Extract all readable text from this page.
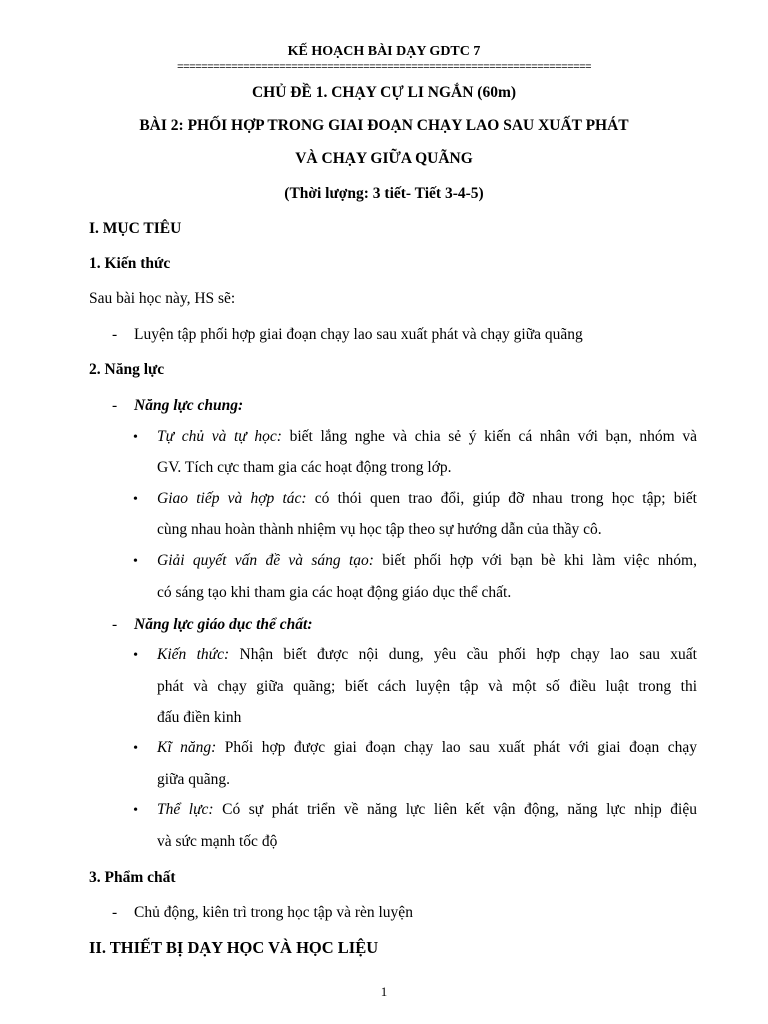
KẾ HOẠCH BÀI DẠY GDTC 7
=====================================================================
CHỦ ĐỀ 1. CHẠY CỰ LI NGẮN (60m)
BÀI 2: PHỐI HỢP TRONG GIAI ĐOẠN CHẠY LAO SAU XUẤT PHÁT
VÀ CHẠY GIỮA QUÃNG
(Thời lượng: 3 tiết- Tiết 3-4-5)
I. MỤC TIÊU
1. Kiến thức
Sau bài học này, HS sẽ:
- Luyện tập phối hợp giai đoạn chạy lao sau xuất phát và chạy giữa quãng
2. Năng lực
- Năng lực chung:
• Tự chủ và tự học: biết lắng nghe và chia sẻ ý kiến cá nhân với bạn, nhóm và
GV. Tích cực tham gia các hoạt động trong lớp.
• Giao tiếp và hợp tác: có thói quen trao đổi, giúp đỡ nhau trong học tập; biết
cùng nhau hoàn thành nhiệm vụ học tập theo sự hướng dẫn của thầy cô.
• Giải quyết vấn đề và sáng tạo: biết phối hợp với bạn bè khi làm việc nhóm,
có sáng tạo khi tham gia các hoạt động giáo dục thể chất.
- Năng lực giáo dục thể chất:
• Kiến thức: Nhận biết được nội dung, yêu cầu phối hợp chạy lao sau xuất
phát và chạy giữa quãng; biết cách luyện tập và một số điều luật trong thi
đấu điền kinh
• Kĩ năng: Phối hợp được giai đoạn chạy lao sau xuất phát với giai đoạn chạy
giữa quãng.
• Thể lực: Có sự phát triển về năng lực liên kết vận động, năng lực nhịp điệu
và sức mạnh tốc độ
3. Phẩm chất
- Chủ động, kiên trì trong học tập và rèn luyện
II. THIẾT BỊ DẠY HỌC VÀ HỌC LIỆU
1
